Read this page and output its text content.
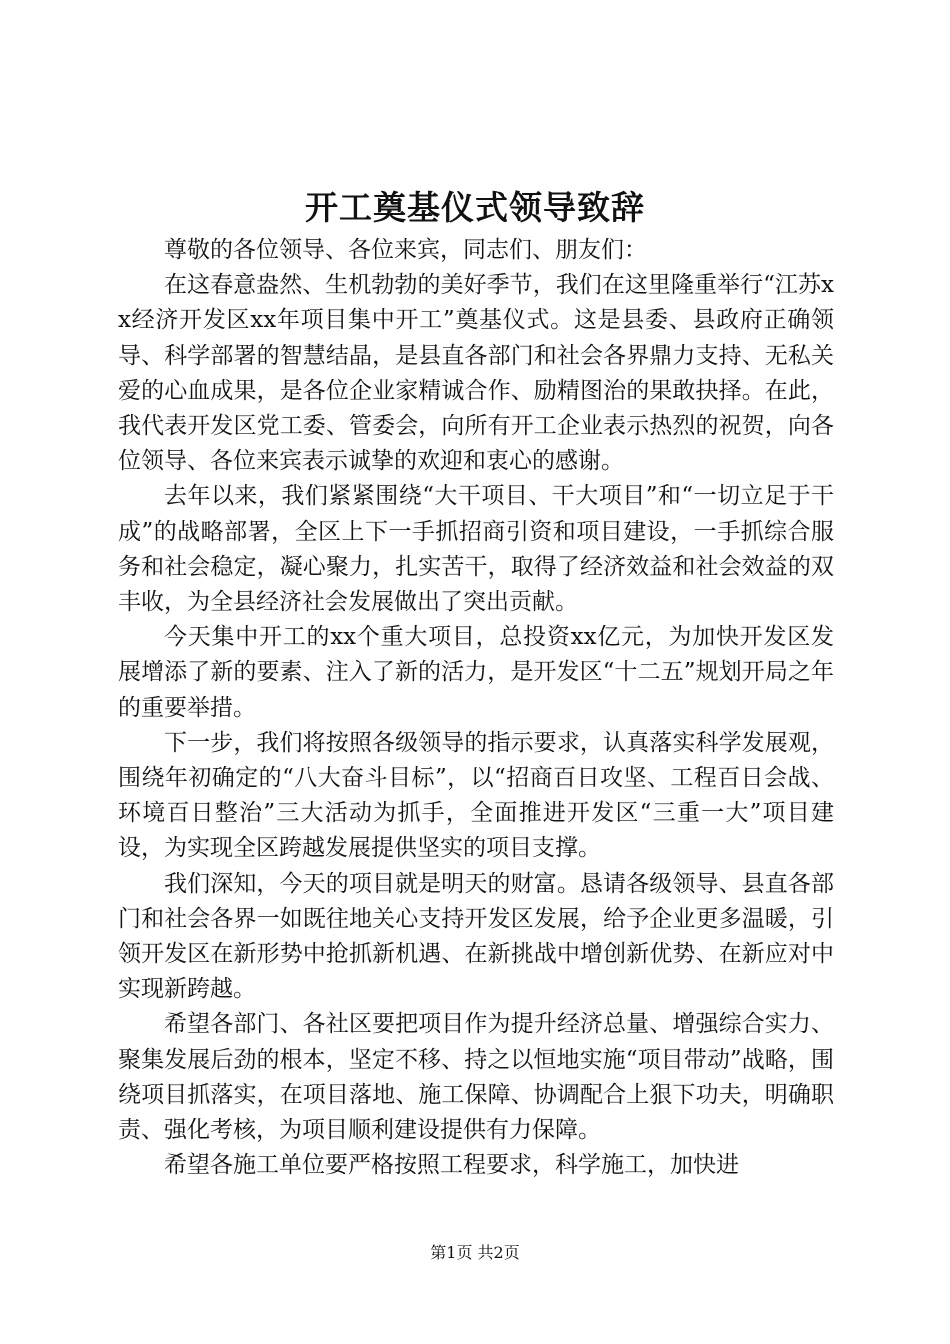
开工奠基仪式领导致辞

尊敬的各位领导、各位来宾，同志们、朋友们：

在这春意盎然、生机勃勃的美好季节，我们在这里隆重举行“江苏xx经济开发区xx年项目集中开工”奠基仪式。这是县委、县政府正确领导、科学部署的智慧结晶，是县直各部门和社会各界鼎力支持、无私关爱的心血成果，是各位企业家精诚合作、励精图治的果敢抉择。在此，我代表开发区党工委、管委会，向所有开工企业表示热烈的祝贺，向各位领导、各位来宾表示诚挚的欢迎和衷心的感谢。

去年以来，我们紧紧围绕“大干项目、干大项目”和“一切立足于干成”的战略部署，全区上下一手抓招商引资和项目建设，一手抓综合服务和社会稳定，凝心聚力，扎实苦干，取得了经济效益和社会效益的双丰收，为全县经济社会发展做出了突出贡献。

今天集中开工的xx个重大项目，总投资xx亿元，为加快开发区发展增添了新的要素、注入了新的活力，是开发区“十二五”规划开局之年的重要举措。

下一步，我们将按照各级领导的指示要求，认真落实科学发展观，围绕年初确定的“八大奋斗目标”，以“招商百日攻坚、工程百日会战、环境百日整治”三大活动为抓手，全面推进开发区“三重一大”项目建设，为实现全区跨越发展提供坚实的项目支撑。

我们深知，今天的项目就是明天的财富。恳请各级领导、县直各部门和社会各界一如既往地关心支持开发区发展，给予企业更多温暖，引领开发区在新形势中抢抓新机遇、在新挑战中增创新优势、在新应对中实现新跨越。

希望各部门、各社区要把项目作为提升经济总量、增强综合实力、聚集发展后劲的根本，坚定不移、持之以恒地实施“项目带动”战略，围绕项目抓落实，在项目落地、施工保障、协调配合上狠下功夫，明确职责、强化考核，为项目顺利建设提供有力保障。

希望各施工单位要严格按照工程要求，科学施工，加快进

第1页 共2页
